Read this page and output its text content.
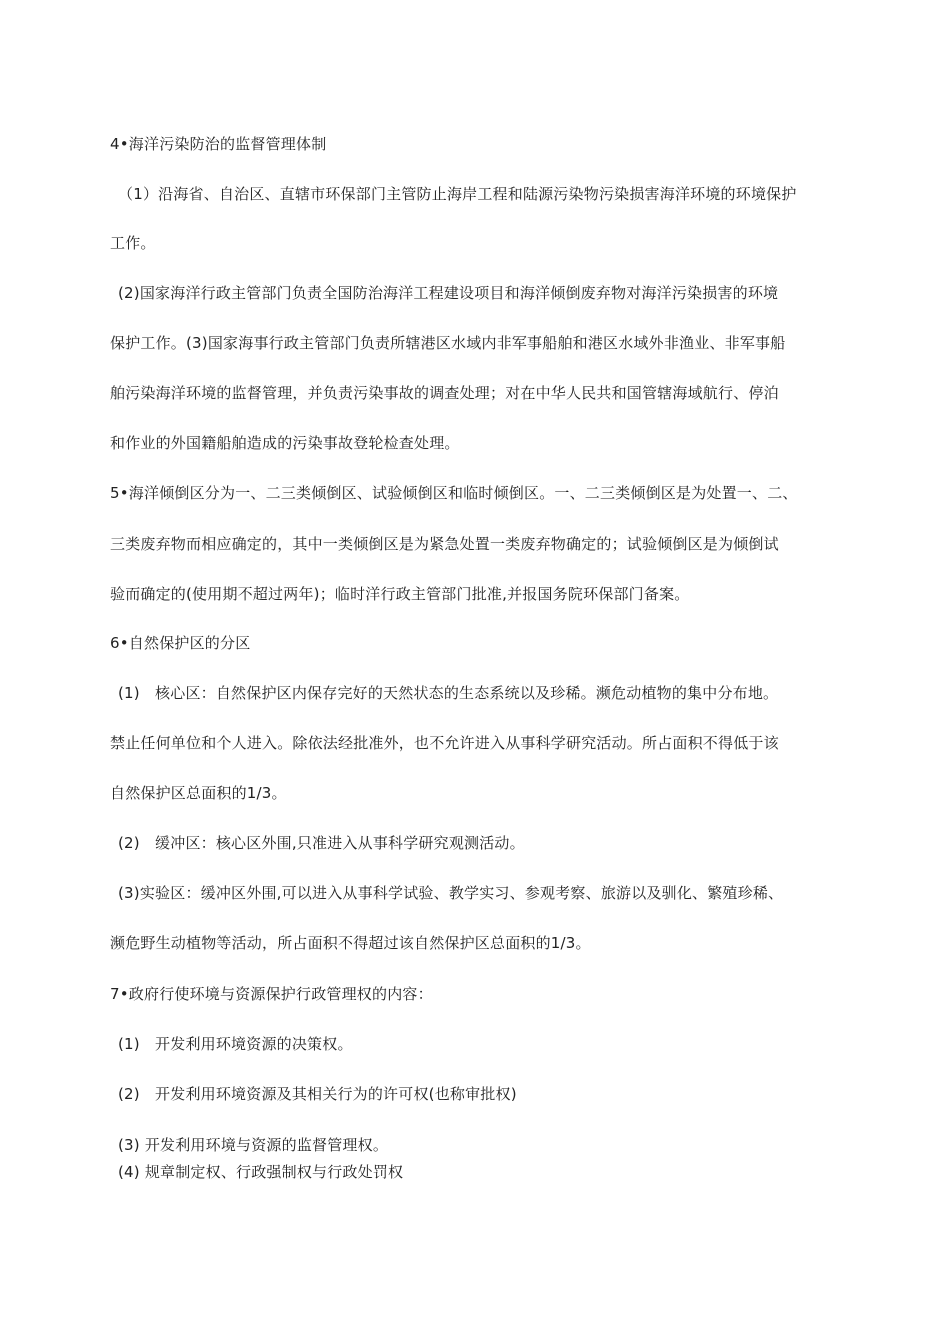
4•海洋污染防治的监督管理体制
（1）沿海省、自治区、直辖市环保部门主管防止海岸工程和陆源污染物污染损害海洋环境的环境保护
工作。
(2)国家海洋行政主管部门负责全国防治海洋工程建设项目和海洋倾倒废弃物对海洋污染损害的环境
保护工作。(3)国家海事行政主管部门负责所辖港区水域内非军事船舶和港区水域外非渔业、非军事船
舶污染海洋环境的监督管理，并负责污染事故的调查处理；对在中华人民共和国管辖海域航行、停泊
和作业的外国籍船舶造成的污染事故登轮检查处理。
5•海洋倾倒区分为一、二三类倾倒区、试验倾倒区和临时倾倒区。一、二三类倾倒区是为处置一、二、
三类废弃物而相应确定的，其中一类倾倒区是为紧急处置一类废弃物确定的；试验倾倒区是为倾倒试
验而确定的(使用期不超过两年)；临时洋行政主管部门批准,并报国务院环保部门备案。
6•自然保护区的分区
(1)　核心区：自然保护区内保存完好的天然状态的生态系统以及珍稀。濒危动植物的集中分布地。
禁止任何单位和个人进入。除依法经批准外，也不允许进入从事科学研究活动。所占面积不得低于该
自然保护区总面积的1/3。
(2)　缓冲区：核心区外围,只准进入从事科学研究观测活动。
(3)实验区：缓冲区外围,可以进入从事科学试验、教学实习、参观考察、旅游以及驯化、繁殖珍稀、
濒危野生动植物等活动，所占面积不得超过该自然保护区总面积的1/3。
7•政府行使环境与资源保护行政管理权的内容：
(1)　开发利用环境资源的决策权。
(2)　开发利用环境资源及其相关行为的许可权(也称审批权)
(3) 开发利用环境与资源的监督管理权。
(4) 规章制定权、行政强制权与行政处罚权
